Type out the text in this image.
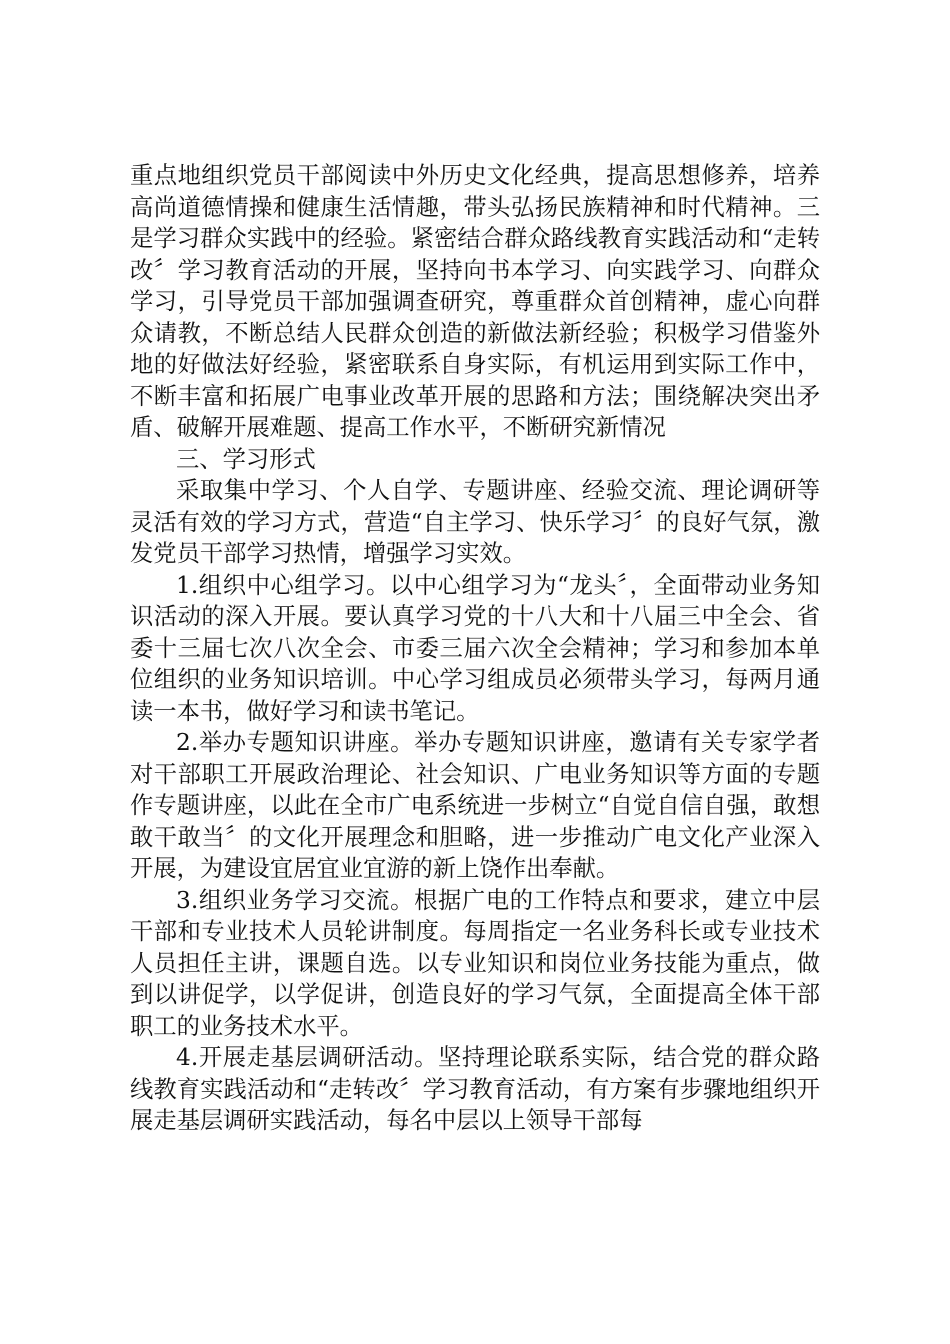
重点地组织党员干部阅读中外历史文化经典，提高思想修养，培养高尚道德情操和健康生活情趣，带头弘扬民族精神和时代精神。三是学习群众实践中的经验。紧密结合群众路线教育实践活动和“走转改〞学习教育活动的开展，坚持向书本学习、向实践学习、向群众学习，引导党员干部加强调查研究，尊重群众首创精神，虚心向群众请教，不断总结人民群众创造的新做法新经验；积极学习借鉴外地的好做法好经验，紧密联系自身实际，有机运用到实际工作中，不断丰富和拓展广电事业改革开展的思路和方法；围绕解决突出矛盾、破解开展难题、提高工作水平，不断研究新情况

三、学习形式

采取集中学习、个人自学、专题讲座、经验交流、理论调研等灵活有效的学习方式，营造“自主学习、快乐学习〞的良好气氛，激发党员干部学习热情，增强学习实效。

1.组织中心组学习。以中心组学习为“龙头〞，全面带动业务知识活动的深入开展。要认真学习党的十八大和十八届三中全会、省委十三届七次八次全会、市委三届六次全会精神；学习和参加本单位组织的业务知识培训。中心学习组成员必须带头学习，每两月通读一本书，做好学习和读书笔记。

2.举办专题知识讲座。举办专题知识讲座，邀请有关专家学者对干部职工开展政治理论、社会知识、广电业务知识等方面的专题作专题讲座，以此在全市广电系统进一步树立“自觉自信自强，敢想敢干敢当〞的文化开展理念和胆略，进一步推动广电文化产业深入开展，为建设宜居宜业宜游的新上饶作出奉献。

3.组织业务学习交流。根据广电的工作特点和要求，建立中层干部和专业技术人员轮讲制度。每周指定一名业务科长或专业技术人员担任主讲，课题自选。以专业知识和岗位业务技能为重点，做到以讲促学，以学促讲，创造良好的学习气氛，全面提高全体干部职工的业务技术水平。

4.开展走基层调研活动。坚持理论联系实际，结合党的群众路线教育实践活动和“走转改〞学习教育活动，有方案有步骤地组织开展走基层调研实践活动，每名中层以上领导干部每
